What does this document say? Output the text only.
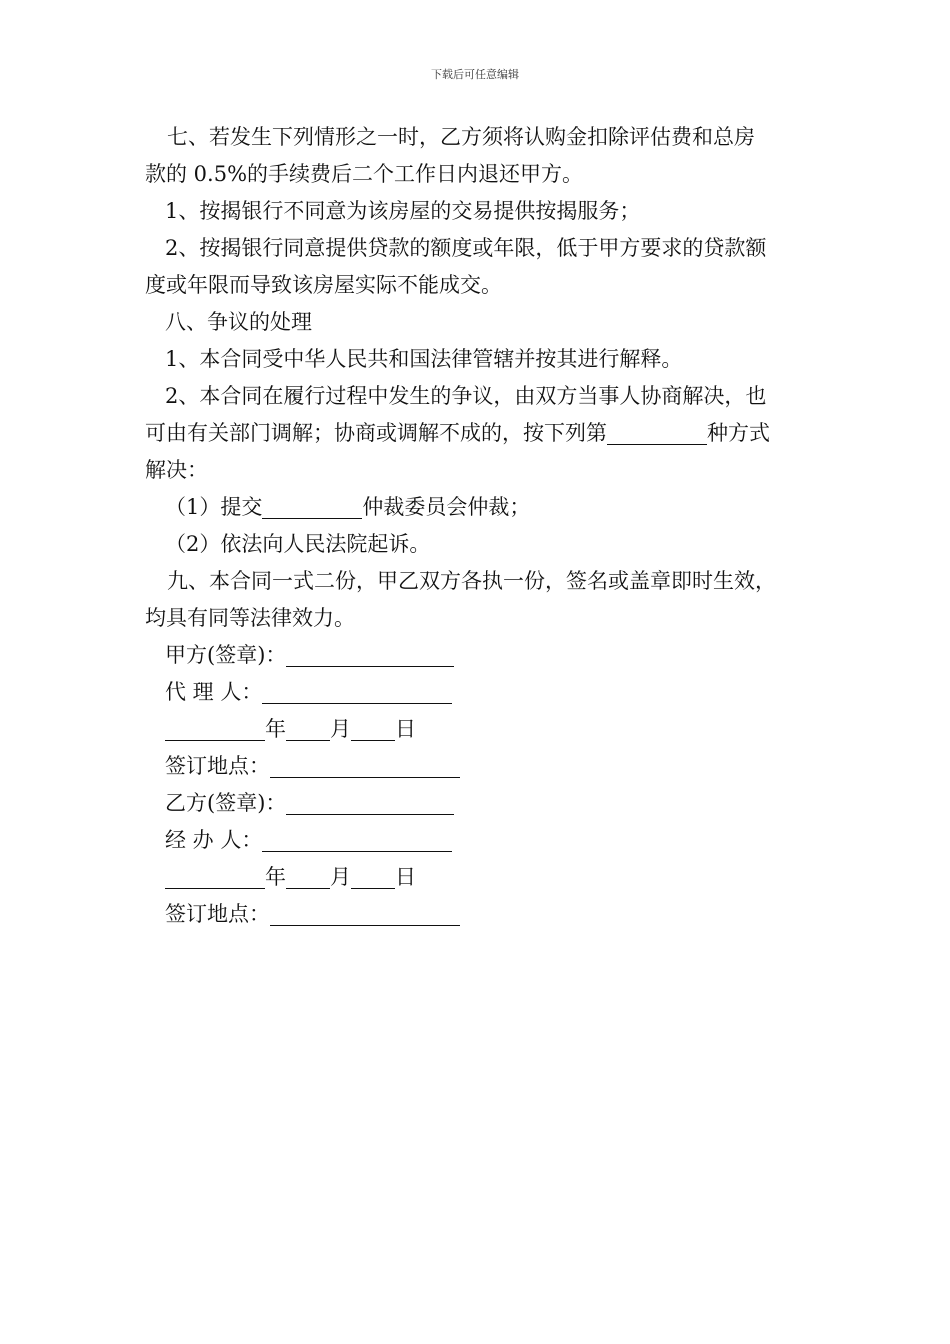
下载后可任意编辑

七、若发生下列情形之一时，乙方须将认购金扣除评估费和总房

款的 0.5%的手续费后二个工作日内退还甲方。

1、按揭银行不同意为该房屋的交易提供按揭服务；

2、按揭银行同意提供贷款的额度或年限，低于甲方要求的贷款额

度或年限而导致该房屋实际不能成交。

八、争议的处理

1、本合同受中华人民共和国法律管辖并按其进行解释。

2、本合同在履行过程中发生的争议，由双方当事人协商解决，也

可由有关部门调解；协商或调解不成的，按下列第	种方式

解决：

（1）提交	仲裁委员会仲裁；

（2）依法向人民法院起诉。

九、本合同一式二份，甲乙双方各执一份，签名或盖章即时生效，

均具有同等法律效力。

甲方(签章)：

代 理 人：

年 月 日

签订地点：

乙方(签章)：

经 办 人：

年 月 日

签订地点：
